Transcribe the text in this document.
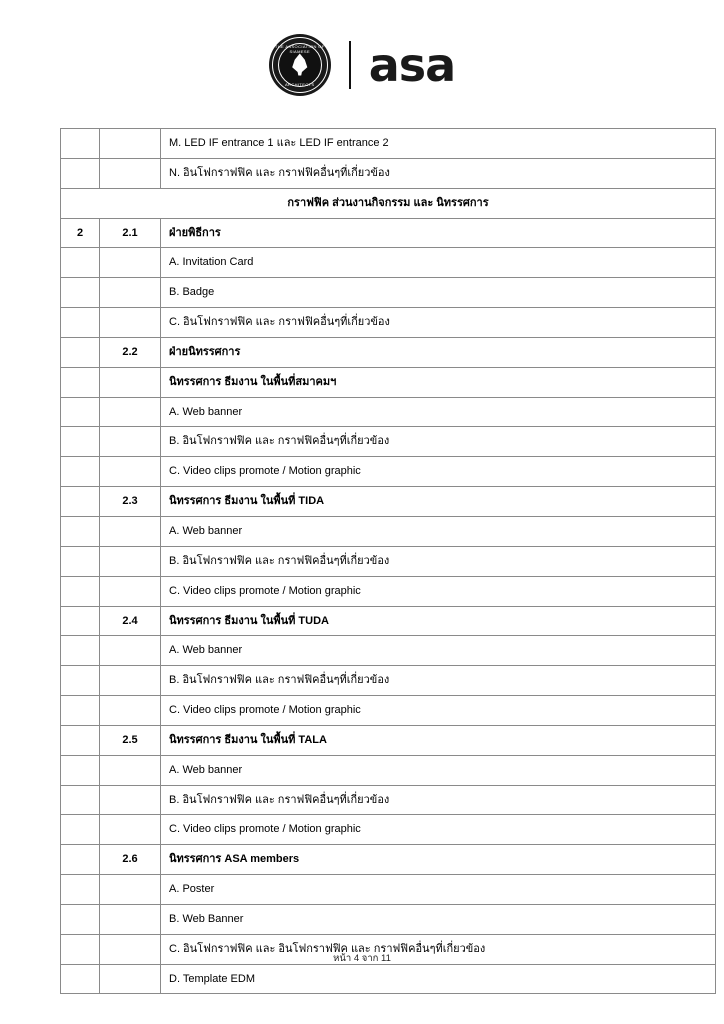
THE ASSOCIATION OF SIAMESE
ARCHITECTS	asa
		M. LED IF entrance 1 และ LED IF entrance 2
		N. อินโฟกราฟฟิค และ กราฟฟิคอื่นๆที่เกี่ยวข้อง
กราฟฟิค ส่วนงานกิจกรรม และ นิทรรศการ		
2	2.1	ฝ่ายพิธีการ
		A. Invitation Card
		B. Badge
		C. อินโฟกราฟฟิค และ กราฟฟิคอื่นๆที่เกี่ยวข้อง
	2.2	ฝ่ายนิทรรศการ
		นิทรรศการ ธีมงาน ในพื้นที่สมาคมฯ
		A. Web banner
		B. อินโฟกราฟฟิค และ กราฟฟิคอื่นๆที่เกี่ยวข้อง
		C. Video clips promote / Motion graphic
	2.3	นิทรรศการ ธีมงาน ในพื้นที่ TIDA
		A. Web banner
		B. อินโฟกราฟฟิค และ กราฟฟิคอื่นๆที่เกี่ยวข้อง
		C. Video clips promote / Motion graphic
	2.4	นิทรรศการ ธีมงาน ในพื้นที่ TUDA
		A. Web banner
		B. อินโฟกราฟฟิค และ กราฟฟิคอื่นๆที่เกี่ยวข้อง
		C. Video clips promote / Motion graphic
	2.5	นิทรรศการ ธีมงาน ในพื้นที่ TALA
		A. Web banner
		B. อินโฟกราฟฟิค และ กราฟฟิคอื่นๆที่เกี่ยวข้อง
		C. Video clips promote / Motion graphic
	2.6	นิทรรศการ ASA members
		A. Poster
		B. Web Banner
		C. อินโฟกราฟฟิค และ อินโฟกราฟฟิค และ กราฟฟิคอื่นๆที่เกี่ยวข้อง
		D. Template EDM
หน้า 4 จาก 11
